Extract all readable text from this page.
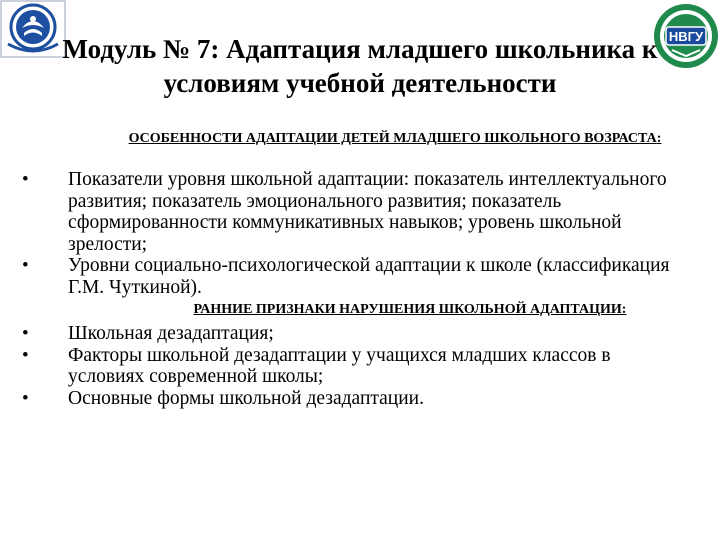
НВГУ
Модуль № 7: Адаптация младшего школьника к
условиям учебной деятельности
ОСОБЕННОСТИ АДАПТАЦИИ ДЕТЕЙ МЛАДШЕГО ШКОЛЬНОГО ВОЗРАСТА:
• Показатели уровня школьной адаптации: показатель интеллектуального развития; показатель эмоционального развития; показатель сформированности коммуникативных навыков; уровень школьной зрелости;
• Уровни социально-психологической адаптации к школе (классификация Г.М. Чуткиной).
РАННИЕ ПРИЗНАКИ НАРУШЕНИЯ ШКОЛЬНОЙ АДАПТАЦИИ:
• Школьная дезадаптация;
• Факторы школьной дезадаптации у учащихся младших классов в условиях современной школы;
• Основные формы школьной дезадаптации.
